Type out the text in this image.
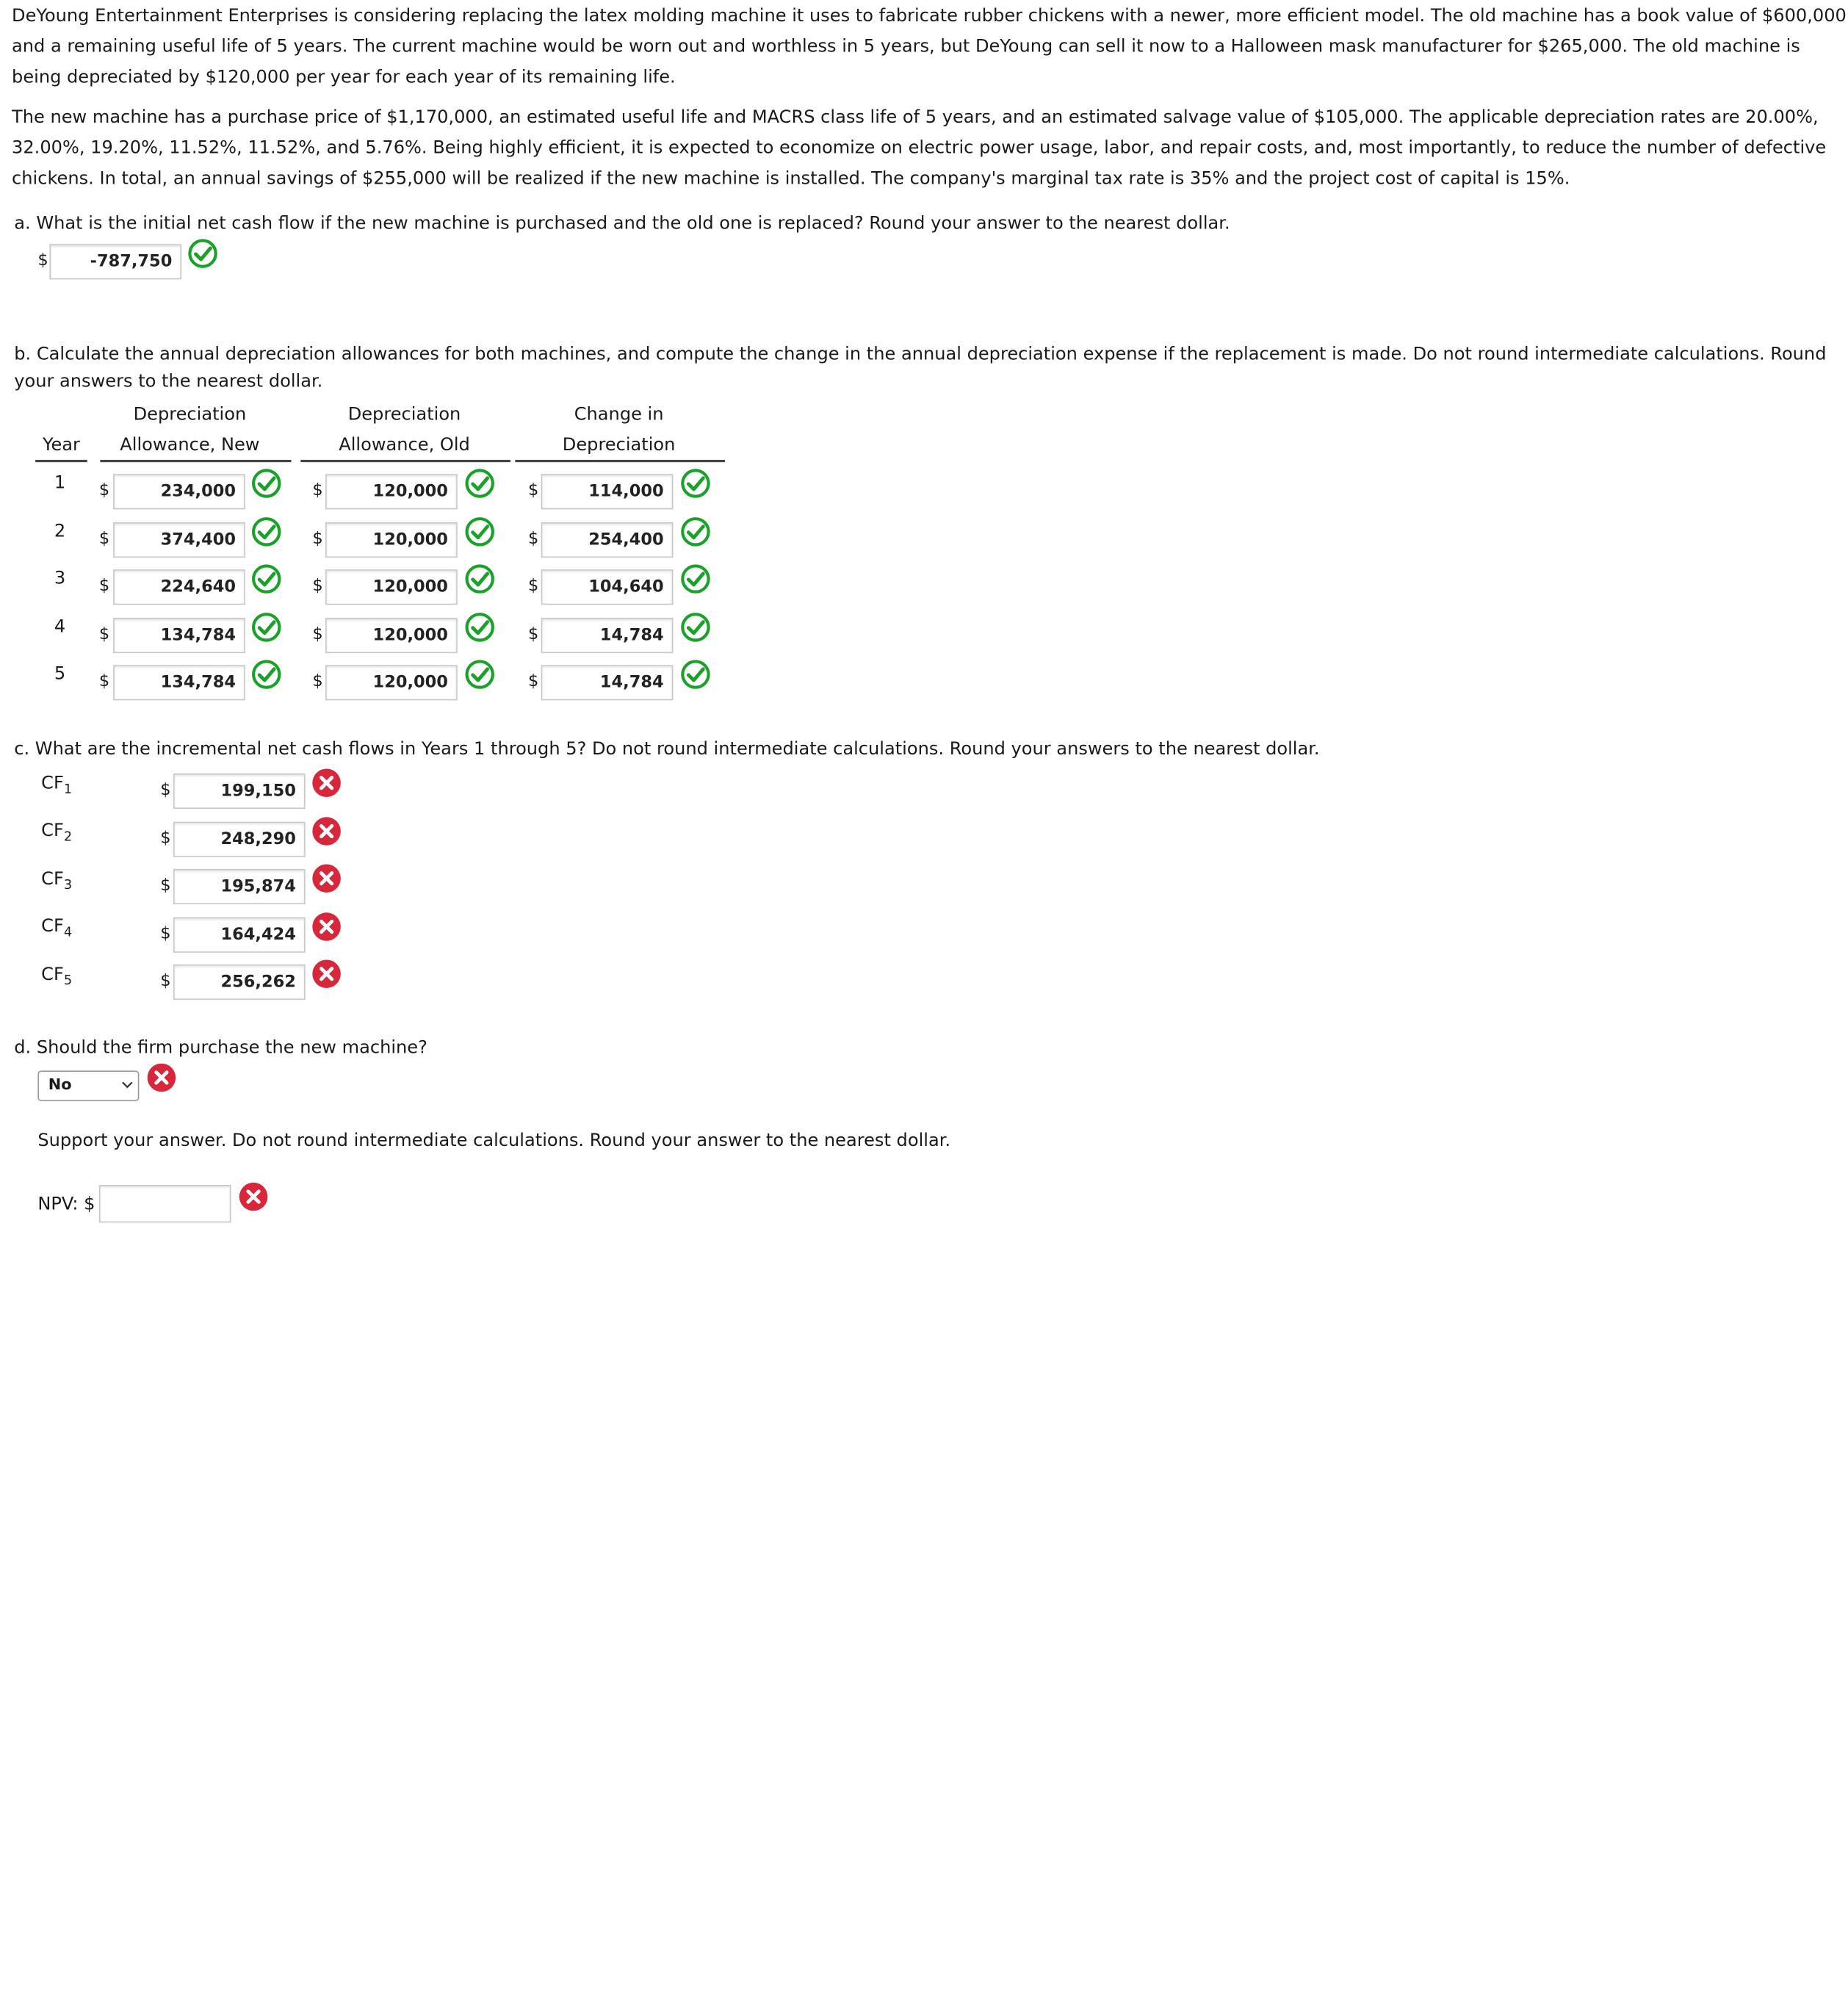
DeYoung Entertainment Enterprises is considering replacing the latex molding machine it uses to fabricate rubber chickens with a newer, more efficient model. The old machine has a book value of $600,000 and a remaining useful life of 5 years. The current machine would be worn out and worthless in 5 years, but DeYoung can sell it now to a Halloween mask manufacturer for $265,000. The old machine is being depreciated by $120,000 per year for each year of its remaining life.
The new machine has a purchase price of $1,170,000, an estimated useful life and MACRS class life of 5 years, and an estimated salvage value of $105,000. The applicable depreciation rates are 20.00%, 32.00%, 19.20%, 11.52%, 11.52%, and 5.76%. Being highly efficient, it is expected to economize on electric power usage, labor, and repair costs, and, most importantly, to reduce the number of defective chickens. In total, an annual savings of $255,000 will be realized if the new machine is installed. The company's marginal tax rate is 35% and the project cost of capital is 15%.
a. What is the initial net cash flow if the new machine is purchased and the old one is replaced? Round your answer to the nearest dollar.
$	-787,750
b. Calculate the annual depreciation allowances for both machines, and compute the change in the annual depreciation expense if the replacement is made. Do not round intermediate calculations. Round your answers to the nearest dollar.
Year
Depreciation
Allowance, New
Depreciation
Allowance, Old
Change in
Depreciation
1	$	234,000	$	120,000	$	114,000
2	$	374,400	$	120,000	$	254,400
3	$	224,640	$	120,000	$	104,640
4	$	134,784	$	120,000	$	14,784
5	$	134,784	$	120,000	$	14,784
c. What are the incremental net cash flows in Years 1 through 5? Do not round intermediate calculations. Round your answers to the nearest dollar.
$CF_1$	$	199,150
$CF_2$	$	248,290
$CF_3$	$	195,874
$CF_4$	$	164,424
$CF_5$	$	256,262
d. Should the firm purchase the new machine?
No
Support your answer. Do not round intermediate calculations. Round your answer to the nearest dollar.
NPV: $
